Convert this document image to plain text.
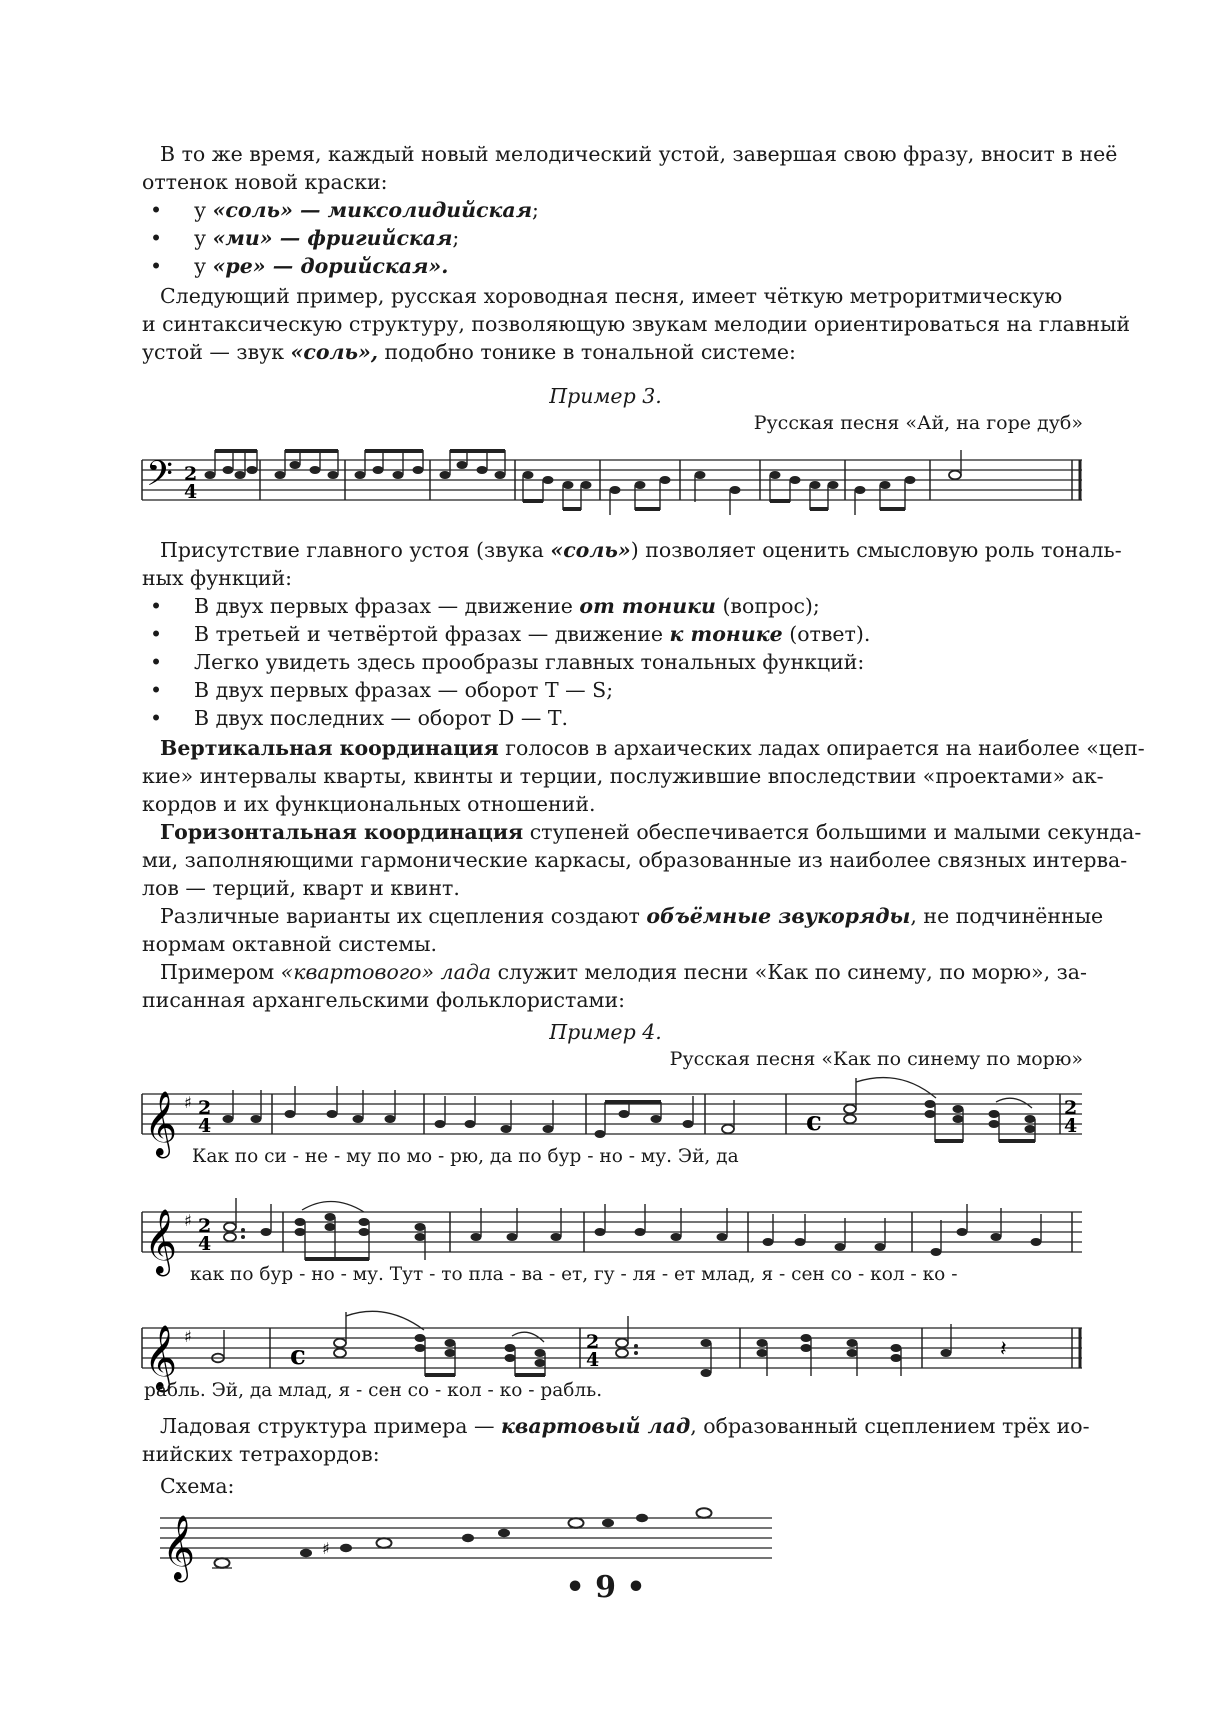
В то же время, каждый новый мелодический устой, завершая свою фразу, вносит в неё
оттенок новой краски:
• у «соль» — миксолидийская;
• у «ми» — фригийская;
• у «ре» — дорийская».
Следующий пример, русская хороводная песня, имеет чёткую метроритмическую
и синтаксическую структуру, позволяющую звукам мелодии ориентироваться на главный
устой — звук «соль», подобно тонике в тональной системе:
Пример 3.
Русская песня «Ай, на горе дуб»
𝄢 2
4
Присутствие главного устоя (звука «соль») позволяет оценить смысловую роль тональ-
ных функций:
• В двух первых фразах — движение от тоники (вопрос);
• В третьей и четвёртой фразах — движение к тонике (ответ).
• Легко увидеть здесь прообразы главных тональных функций:
• В двух первых фразах — оборот Т — S;
• В двух последних — оборот D — Т.
Вертикальная координация голосов в архаических ладах опирается на наиболее «цеп-
кие» интервалы кварты, квинты и терции, послужившие впоследствии «проектами» ак-
кордов и их функциональных отношений.
Горизонтальная координация ступеней обеспечивается большими и малыми секунда-
ми, заполняющими гармонические каркасы, образованные из наиболее связных интерва-
лов — терций, кварт и квинт.
Различные варианты их сцепления создают объёмные звукоряды, не подчинённые
нормам октавной системы.
Примером «квартового» лада служит мелодия песни «Как по синему, по морю», за-
писанная архангельскими фольклористами:
Пример 4.
Русская песня «Как по синему по морю»
𝄞 ♯ 2
4	c	2
4
Как по си - не - му по мо - рю, да по бур - но - му. Эй, да
𝄞 ♯ 2
4
как по бур - но - му. Тут - то пла - ва - ет, гу - ля - ет млад, я - сен со - кол - ко -
𝄞 ♯
c	2
4	𝄽
рабль. Эй, да млад, я - сен со - кол - ко - рабль.
Ладовая структура примера — квартовый лад, образованный сцеплением трёх ио-
нийских тетрахордов:
Схема:
𝄞	♯
• 9 •
